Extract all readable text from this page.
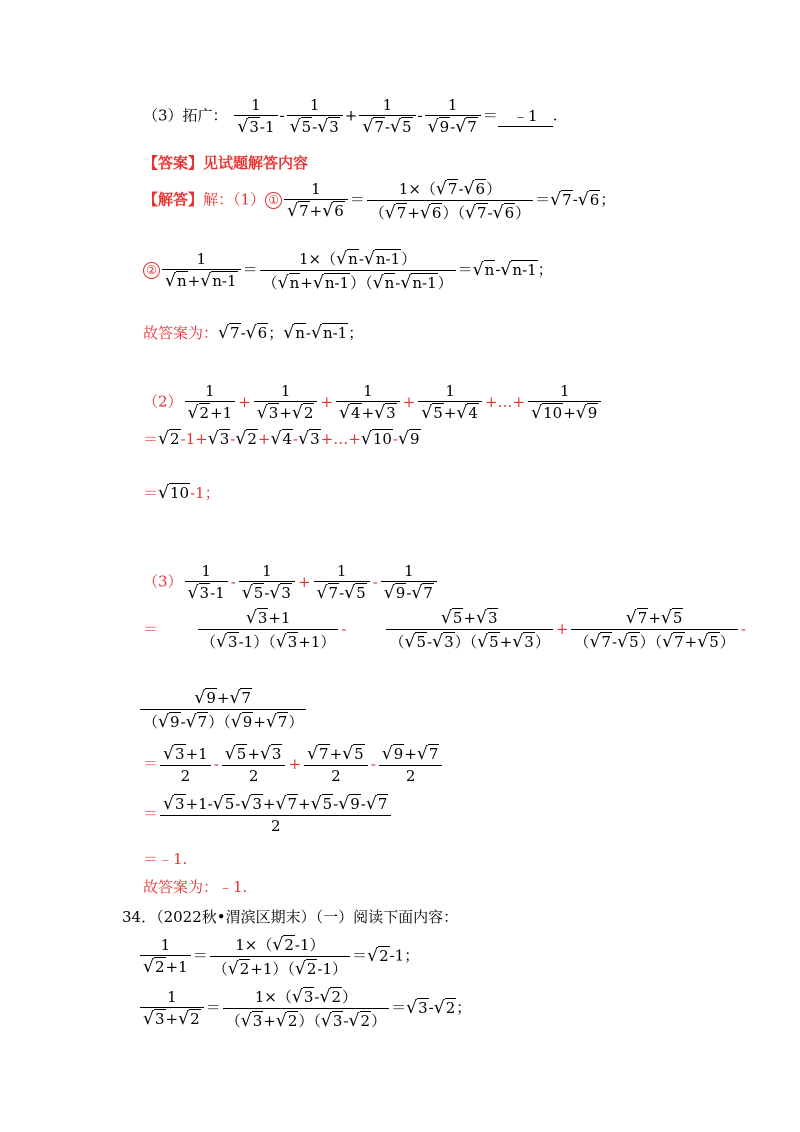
（3）拓广： $\frac{1}{√3-1} - \frac{1}{√5-√3} + \frac{1}{√7-√5} - \frac{1}{√9-√7}$ ＝ ﹣1 .
【答案】见试题解答内容
【解答】解：（1） ① $\frac{1}{√7+√6} = \frac{1\times(√7-√6)}{(√7+√6)(√7-√6)} =√7-√6$；
② $\frac{1}{√n+√n-1} = \frac{1\times(√n-√n-1)}{(√n+√n-1)(√n-√n-1)} =√n-√n-1$；
故答案为：√7-√6；√n-√n-1；
$(2) \frac{1}{√2+1} + \frac{1}{√3+√2} + \frac{1}{√4+√3} + \frac{1}{√5+√4}$ +…+ $\frac{1}{√10+√9}$
＝√2-1+√3-√2+√4-√3+…+√10-√9
＝√10-1；
$(3) \frac{1}{√3-1} - \frac{1}{√5-√3} + \frac{1}{√7-√5} - \frac{1}{√9-√7}$
＝ $\frac{√3+1}{(√3-1)(√3+1)} - \frac{√5+√3}{(√5-√3)(√5+√3)} + \frac{√7+√5}{(√7-√5)(√7+√5)}$ -
$\frac{√9+√7}{(√9-√7)(√9+√7)}$
＝ $\frac{√3+1}{2} - \frac{√5+√3}{2} + \frac{√7+√5}{2} - \frac{√9+√7}{2}$
＝ $\frac{√3+1-√5-√3+√7+√5-√9-√7}{2}$
＝﹣1.
故答案为：﹣1.
34．（2022秋•渭滨区期末）（一）阅读下面内容：
$\frac{1}{√2+1} = \frac{1\times(√2-1)}{(√2+1)(√2-1)} =√2-1$；
$\frac{1}{√3+√2} = \frac{1\times(√3-√2)}{(√3+√2)(√3-√2)} =√3-√2$；
